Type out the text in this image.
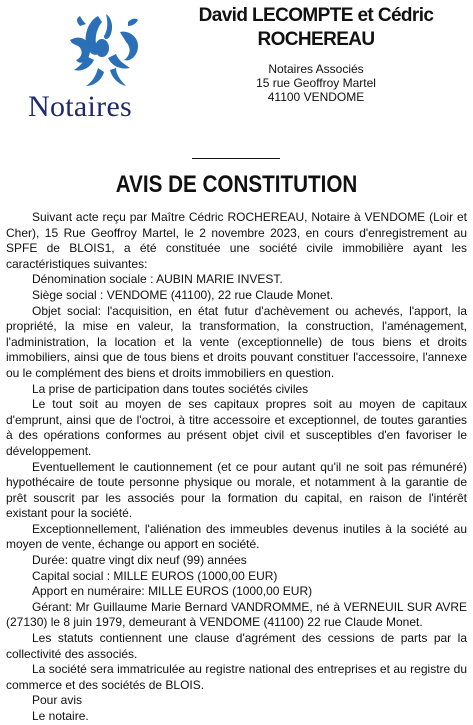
Notaires
David LECOMPTE et Cédric ROCHEREAU
Notaires Associés
15 rue Geoffroy Martel
41100 VENDOME
AVIS DE CONSTITUTION

Suivant acte reçu par Maître Cédric ROCHEREAU, Notaire à VENDOME (Loir et Cher), 15 Rue Geoffroy Martel, le 2 novembre 2023, en cours d'enregistrement au SPFE de BLOIS1, a été constituée une société civile immobilière ayant les caractéristiques suivantes:

Dénomination sociale : AUBIN MARIE INVEST.

Siège social : VENDOME (41100), 22 rue Claude Monet.

Objet social: l'acquisition, en état futur d'achèvement ou achevés, l'apport, la propriété, la mise en valeur, la transformation, la construction, l'aménagement, l'administration, la location et la vente (exceptionnelle) de tous biens et droits immobiliers, ainsi que de tous biens et droits pouvant constituer l'accessoire, l'annexe ou le complément des biens et droits immobiliers en question.

La prise de participation dans toutes sociétés civiles

Le tout soit au moyen de ses capitaux propres soit au moyen de capitaux d'emprunt, ainsi que de l'octroi, à titre accessoire et exceptionnel, de toutes garanties à des opérations conformes au présent objet civil et susceptibles d'en favoriser le développement.

Eventuellement le cautionnement (et ce pour autant qu'il ne soit pas rémunéré) hypothécaire de toute personne physique ou morale, et notamment à la garantie de prêt souscrit par les associés pour la formation du capital, en raison de l'intérêt existant pour la société.

Exceptionnellement, l'aliénation des immeubles devenus inutiles à la société au moyen de vente, échange ou apport en société.

Durée: quatre vingt dix neuf (99) années

Capital social : MILLE EUROS (1000,00 EUR)

Apport en numéraire: MILLE EUROS (1000,00 EUR)

Gérant: Mr Guillaume Marie Bernard VANDROMME, né à VERNEUIL SUR AVRE (27130) le 8 juin 1979, demeurant à VENDOME (41100) 22 rue Claude Monet.

Les statuts contiennent une clause d'agrément des cessions de parts par la collectivité des associés.

La société sera immatriculée au registre national des entreprises et au registre du commerce et des sociétés de BLOIS.

Pour avis

Le notaire.
